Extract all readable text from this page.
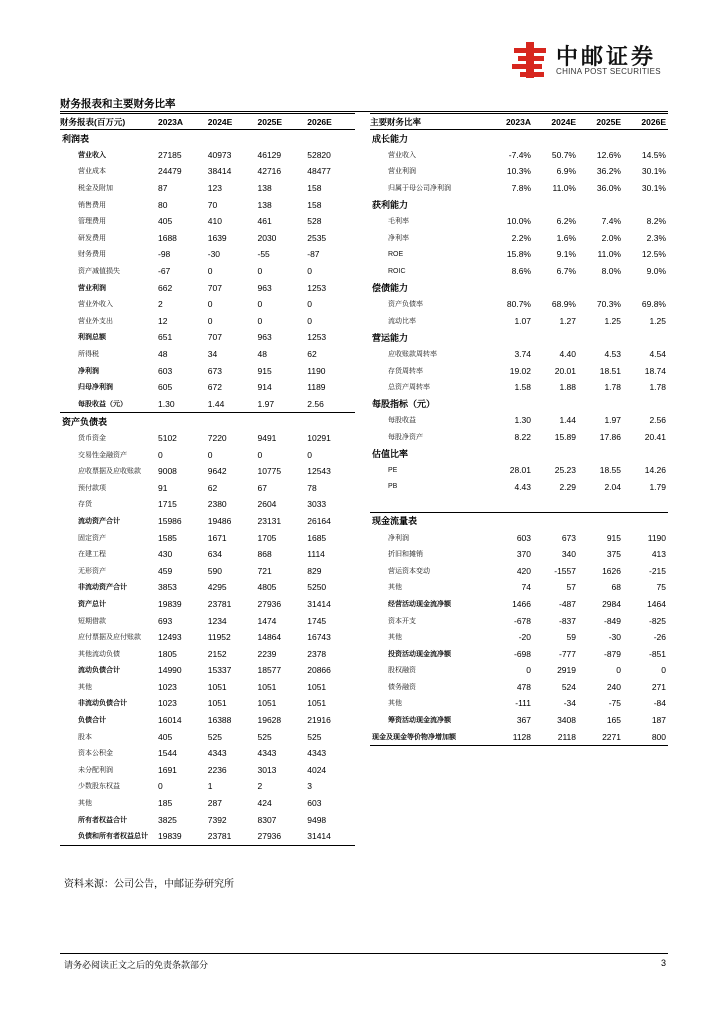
中邮证券
CHINA POST SECURITIES
财务报表和主要财务比率
财务报表(百万元)	2023A	2024E	2025E	2026E
利润表				
营业收入	27185	40973	46129	52820
营业成本	24479	38414	42716	48477
税金及附加	87	123	138	158
销售费用	80	70	138	158
管理费用	405	410	461	528
研发费用	1688	1639	2030	2535
财务费用	-98	-30	-55	-87
资产减值损失	-67	0	0	0
营业利润	662	707	963	1253
营业外收入	2	0	0	0
营业外支出	12	0	0	0
利润总额	651	707	963	1253
所得税	48	34	48	62
净利润	603	673	915	1190
归母净利润	605	672	914	1189
每股收益（元）	1.30	1.44	1.97	2.56
资产负债表				
货币资金	5102	7220	9491	10291
交易性金融资产	0	0	0	0
应收票据及应收账款	9008	9642	10775	12543
预付款项	91	62	67	78
存货	1715	2380	2604	3033
流动资产合计	15986	19486	23131	26164
固定资产	1585	1671	1705	1685
在建工程	430	634	868	1114
无形资产	459	590	721	829
非流动资产合计	3853	4295	4805	5250
资产总计	19839	23781	27936	31414
短期借款	693	1234	1474	1745
应付票据及应付账款	12493	11952	14864	16743
其他流动负债	1805	2152	2239	2378
流动负债合计	14990	15337	18577	20866
其他	1023	1051	1051	1051
非流动负债合计	1023	1051	1051	1051
负债合计	16014	16388	19628	21916
股本	405	525	525	525
资本公积金	1544	4343	4343	4343
未分配利润	1691	2236	3013	4024
少数股东权益	0	1	2	3
其他	185	287	424	603
所有者权益合计	3825	7392	8307	9498
负债和所有者权益总计	19839	23781	27936	31414
主要财务比率	2023A	2024E	2025E	2026E
成长能力				
营业收入	-7.4%	50.7%	12.6%	14.5%
营业利润	10.3%	6.9%	36.2%	30.1%
归属于母公司净利润	7.8%	11.0%	36.0%	30.1%
获利能力				
毛利率	10.0%	6.2%	7.4%	8.2%
净利率	2.2%	1.6%	2.0%	2.3%
ROE	15.8%	9.1%	11.0%	12.5%
ROIC	8.6%	6.7%	8.0%	9.0%
偿债能力				
资产负债率	80.7%	68.9%	70.3%	69.8%
流动比率	1.07	1.27	1.25	1.25
营运能力				
应收账款周转率	3.74	4.40	4.53	4.54
存货周转率	19.02	20.01	18.51	18.74
总资产周转率	1.58	1.88	1.78	1.78
每股指标（元）				
每股收益	1.30	1.44	1.97	2.56
每股净资产	8.22	15.89	17.86	20.41
估值比率				
PE	28.01	25.23	18.55	14.26
PB	4.43	2.29	2.04	1.79

现金流量表				
净利润	603	673	915	1190
折旧和摊销	370	340	375	413
营运资本变动	420	-1557	1626	-215
其他	74	57	68	75
经营活动现金流净额	1466	-487	2984	1464
资本开支	-678	-837	-849	-825
其他	-20	59	-30	-26
投资活动现金流净额	-698	-777	-879	-851
股权融资	0	2919	0	0
债务融资	478	524	240	271
其他	-111	-34	-75	-84
筹资活动现金流净额	367	3408	165	187
现金及现金等价物净增加额	1128	2118	2271	800
资料来源：公司公告，中邮证券研究所
请务必阅读正文之后的免责条款部分	3
